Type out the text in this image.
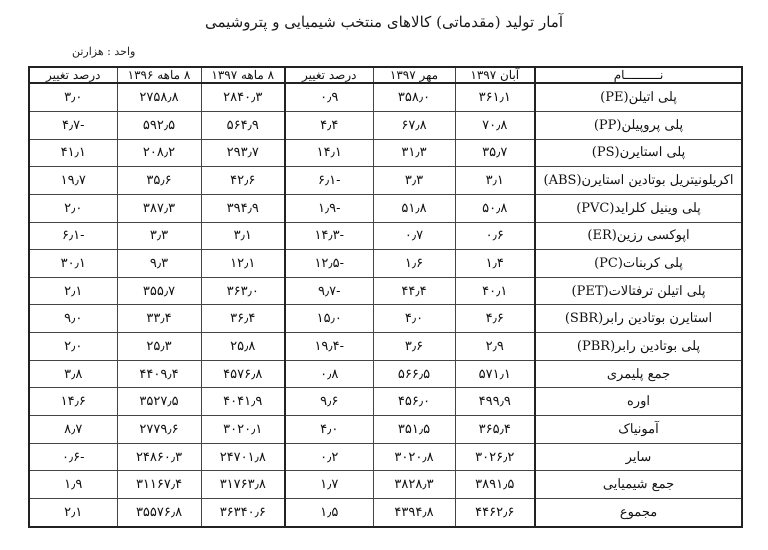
آمار تولید (مقدماتی) کالاهای منتخب شیمیایی و پتروشیمی
واحد : هزارتن
نــــــــــام	آبان ۱۳۹۷	مهر ۱۳۹۷	درصد تغییر	۸ ماهه ۱۳۹۷	۸ ماهه ۱۳۹۶	درصد تغییر
پلی اتیلن(PE)	۳۶۱٫۱	۳۵۸٫۰	۰٫۹	۲۸۴۰٫۳	۲۷۵۸٫۸	۳٫۰
پلی پروپیلن(PP)	۷۰٫۸	۶۷٫۸	۴٫۴	۵۶۴٫۹	۵۹۲٫۵	-۴٫۷
پلی استایرن(PS)	۳۵٫۷	۳۱٫۳	۱۴٫۱	۲۹۳٫۷	۲۰۸٫۲	۴۱٫۱
اکریلونیتریل بوتادین استایرن(ABS)	۳٫۱	۳٫۳	-۶٫۱	۴۲٫۶	۳۵٫۶	۱۹٫۷
پلی وینیل کلراید(PVC)	۵۰٫۸	۵۱٫۸	-۱٫۹	۳۹۴٫۹	۳۸۷٫۳	۲٫۰
اپوکسی رزین(ER)	۰٫۶	۰٫۷	-۱۴٫۳	۳٫۱	۳٫۳	-۶٫۱
پلی کربنات(PC)	۱٫۴	۱٫۶	-۱۲٫۵	۱۲٫۱	۹٫۳	۳۰٫۱
پلی اتیلن ترفتالات(PET)	۴۰٫۱	۴۴٫۴	-۹٫۷	۳۶۳٫۰	۳۵۵٫۷	۲٫۱
استایرن بوتادین رابر(SBR)	۴٫۶	۴٫۰	۱۵٫۰	۳۶٫۴	۳۳٫۴	۹٫۰
پلی بوتادین رابر(PBR)	۲٫۹	۳٫۶	-۱۹٫۴	۲۵٫۸	۲۵٫۳	۲٫۰
جمع پلیمری	۵۷۱٫۱	۵۶۶٫۵	۰٫۸	۴۵۷۶٫۸	۴۴۰۹٫۴	۳٫۸
اوره	۴۹۹٫۹	۴۵۶٫۰	۹٫۶	۴۰۴۱٫۹	۳۵۲۷٫۵	۱۴٫۶
آمونیاک	۳۶۵٫۴	۳۵۱٫۵	۴٫۰	۳۰۲۰٫۱	۲۷۷۹٫۶	۸٫۷
سایر	۳۰۲۶٫۲	۳۰۲۰٫۸	۰٫۲	۲۴۷۰۱٫۸	۲۴۸۶۰٫۳	-۰٫۶
جمع شیمیایی	۳۸۹۱٫۵	۳۸۲۸٫۳	۱٫۷	۳۱۷۶۳٫۸	۳۱۱۶۷٫۴	۱٫۹
مجموع	۴۴۶۲٫۶	۴۳۹۴٫۸	۱٫۵	۳۶۳۴۰٫۶	۳۵۵۷۶٫۸	۲٫۱
